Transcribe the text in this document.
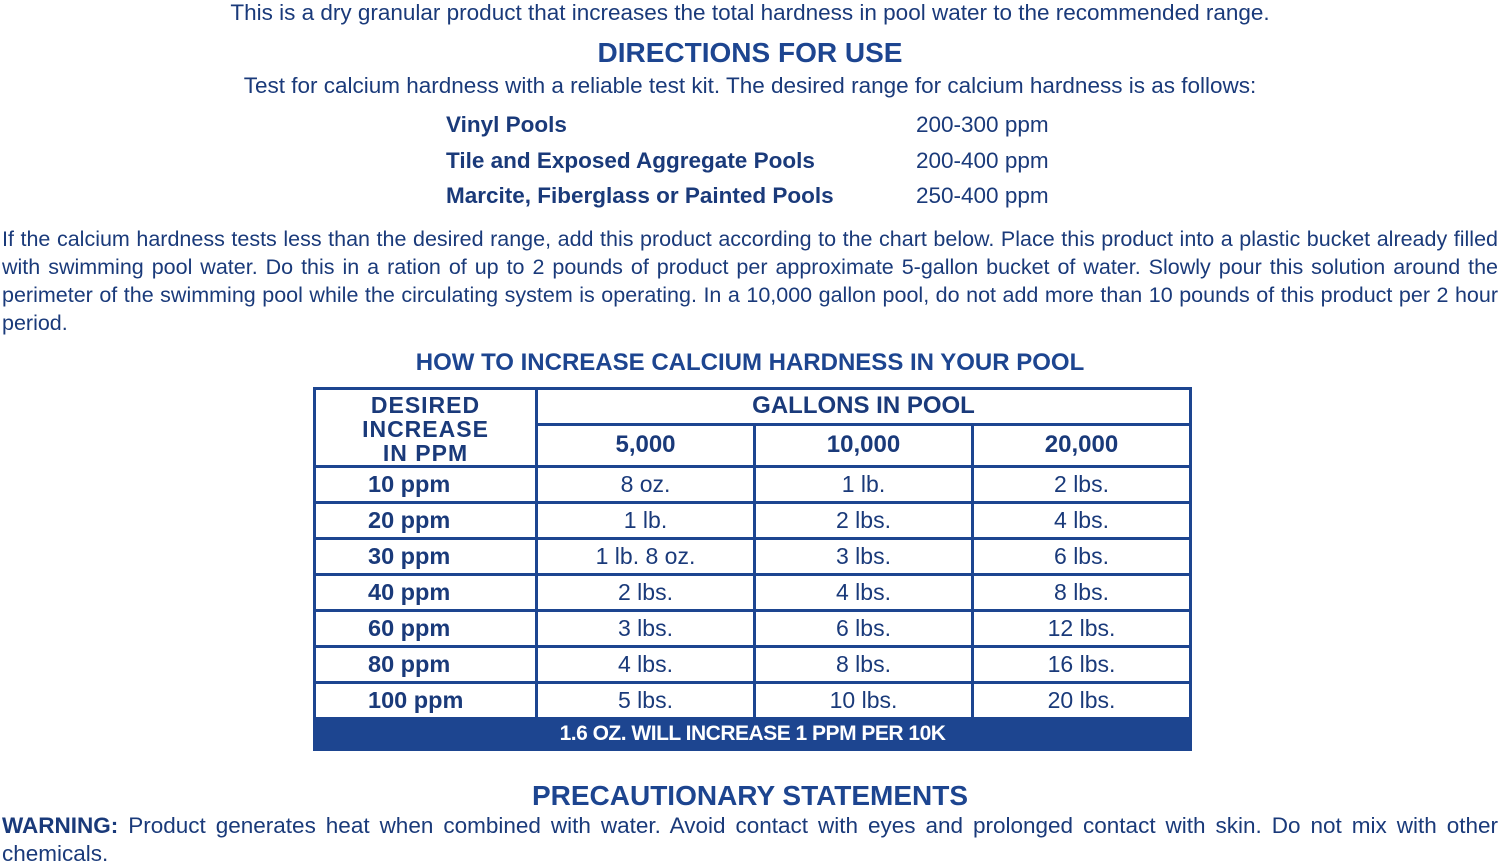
This is a dry granular product that increases the total hardness in pool water to the recommended range.
DIRECTIONS FOR USE
Test for calcium hardness with a reliable test kit. The desired range for calcium hardness is as follows:
Vinyl Pools	200-300 ppm
Tile and Exposed Aggregate Pools	200-400 ppm
Marcite, Fiberglass or Painted Pools	250-400 ppm
If the calcium hardness tests less than the desired range, add this product according to the chart below. Place this product into a plastic bucket already filled with swimming pool water. Do this in a ration of up to 2 pounds of product per approximate 5-gallon bucket of water. Slowly pour this solution around the perimeter of the swimming pool while the circulating system is operating. In a 10,000 gallon pool, do not add more than 10 pounds of this product per 2 hour period.
HOW TO INCREASE CALCIUM HARDNESS IN YOUR POOL
DESIRED
INCREASE
IN PPM	GALLONS IN POOL		
	5,000	10,000	20,000
10 ppm	8 oz.	1 lb.	2 lbs.
20 ppm	1 lb.	2 lbs.	4 lbs.
30 ppm	1 lb. 8 oz.	3 lbs.	6 lbs.
40 ppm	2 lbs.	4 lbs.	8 lbs.
60 ppm	3 lbs.	6 lbs.	12 lbs.
80 ppm	4 lbs.	8 lbs.	16 lbs.
100 ppm	5 lbs.	10 lbs.	20 lbs.
1.6 OZ. WILL INCREASE 1 PPM PER 10K			
PRECAUTIONARY STATEMENTS
WARNING: Product generates heat when combined with water. Avoid contact with eyes and prolonged contact with skin. Do not mix with other chemicals.
